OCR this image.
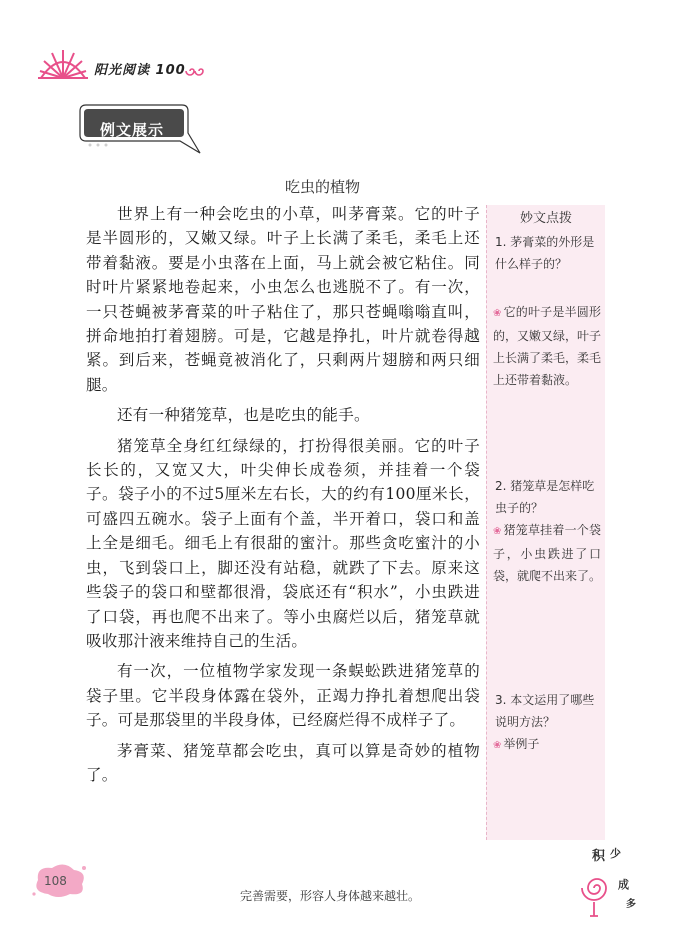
阳光阅读 100
例文展示
吃虫的植物

世界上有一种会吃虫的小草，叫茅膏菜。它的叶子是半圆形的，又嫩又绿。叶子上长满了柔毛，柔毛上还带着黏液。要是小虫落在上面，马上就会被它粘住。同时叶片紧紧地卷起来，小虫怎么也逃脱不了。有一次，一只苍蝇被茅膏菜的叶子粘住了，那只苍蝇嗡嗡直叫，拼命地拍打着翅膀。可是，它越是挣扎，叶片就卷得越紧。到后来，苍蝇竟被消化了，只剩两片翅膀和两只细腿。

还有一种猪笼草，也是吃虫的能手。

猪笼草全身红红绿绿的，打扮得很美丽。它的叶子长长的，又宽又大，叶尖伸长成卷须，并挂着一个袋子。袋子小的不过5厘米左右长，大的约有100厘米长，可盛四五碗水。袋子上面有个盖，半开着口，袋口和盖上全是细毛。细毛上有很甜的蜜汁。那些贪吃蜜汁的小虫，飞到袋口上，脚还没有站稳，就跌了下去。原来这些袋子的袋口和壁都很滑，袋底还有“积水”，小虫跌进了口袋，再也爬不出来了。等小虫腐烂以后，猪笼草就吸收那汁液来维持自己的生活。

有一次，一位植物学家发现一条蜈蚣跌进猪笼草的袋子里。它半段身体露在袋外，正竭力挣扎着想爬出袋子。可是那袋里的半段身体，已经腐烂得不成样子了。

茅膏菜、猪笼草都会吃虫，真可以算是奇妙的植物了。

妙文点拨
1. 茅膏菜的外形是什么样子的？
❀ 它的叶子是半圆形的，又嫩又绿，叶子上长满了柔毛，柔毛上还带着黏液。
2. 猪笼草是怎样吃虫子的？
❀ 猪笼草挂着一个袋子，小虫跌进了口袋，就爬不出来了。
3. 本文运用了哪些说明方法？
❀ 举例子
108
完善需要，形容人身体越来越壮。
积 少
成
多
